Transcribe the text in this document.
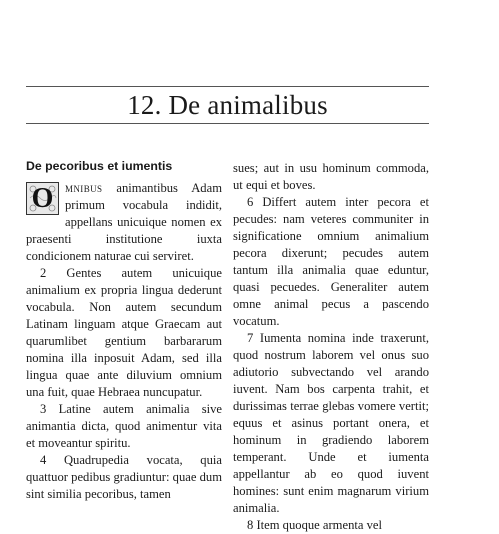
12. De animalibus
De pecoribus et iumentis

O mnibus animantibus Adam primum vocabula indidit, appellans unicuique nomen ex praesenti institutione iuxta condicionem naturae cui serviret.

2 Gentes autem unicuique animalium ex propria lingua dederunt vocabula. Non autem secundum Latinam linguam atque Graecam aut quarumlibet gentium barbararum nomina illa inposuit Adam, sed illa lingua quae ante diluvium omnium una fuit, quae Hebraea nuncupatur.

3 Latine autem animalia sive animantia dicta, quod animentur vita et moveantur spiritu.

4 Quadrupedia vocata, quia quattuor pedibus gradiuntur: quae dum sint similia pecoribus, tamen

sues; aut in usu hominum commoda, ut equi et boves.

6 Differt autem inter pecora et pecudes: nam veteres communiter in significatione omnium animalium pecora dixerunt; pecudes autem tantum illa animalia quae eduntur, quasi pecuedes. Generaliter autem omne animal pecus a pascendo vocatum.

7 Iumenta nomina inde traxerunt, quod nostrum laborem vel onus suo adiutorio subvectando vel arando iuvent. Nam bos carpenta trahit, et durissimas terrae glebas vomere vertit; equus et asinus portant onera, et hominum in gradiendo laborem temperant. Unde et iumenta appellantur ab eo quod iuvent homines: sunt enim magnarum virium animalia.

8 Item quoque armenta vel
